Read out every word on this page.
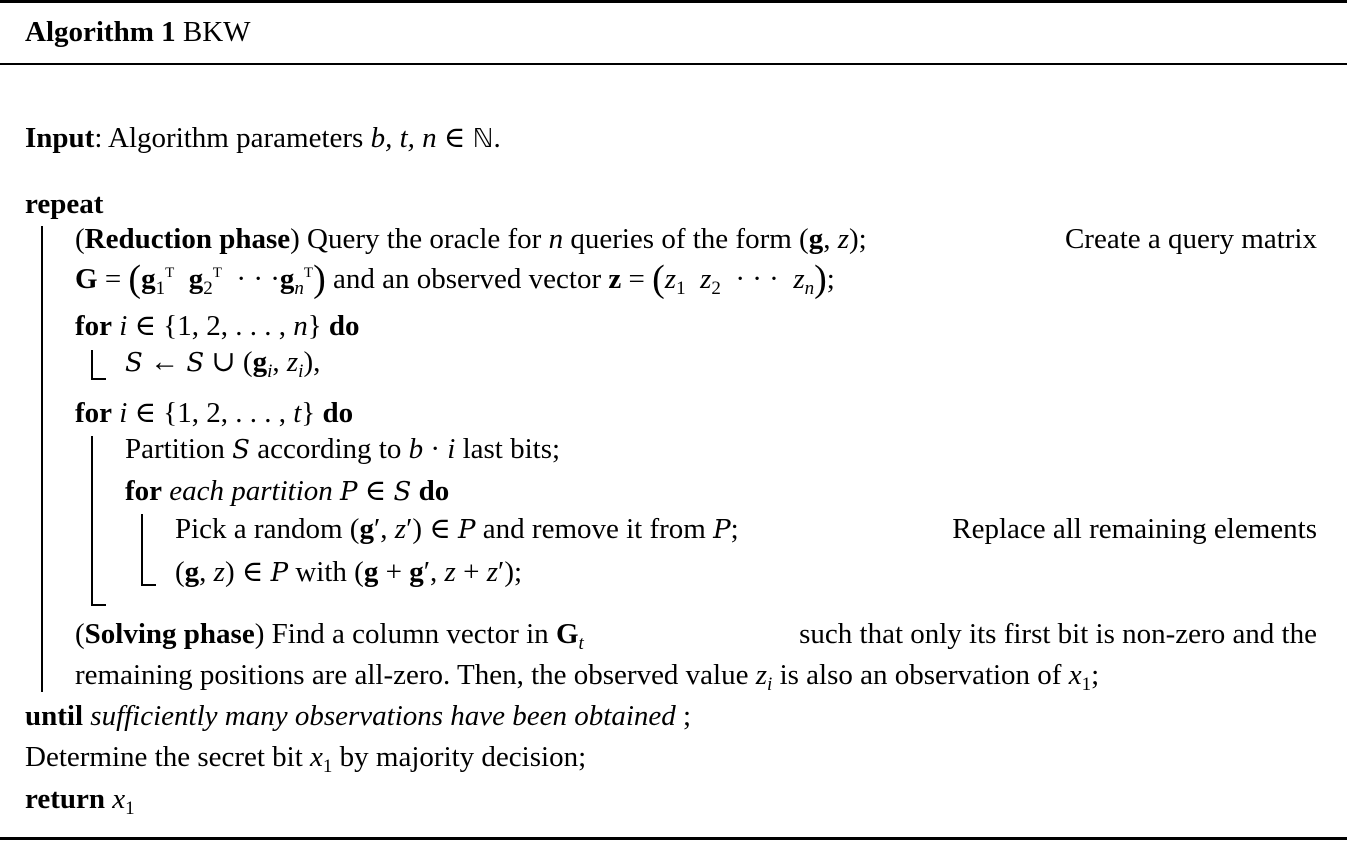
Algorithm 1 BKW
Input: Algorithm parameters b, t, n ∈ ℕ.
repeat
(Reduction phase) Query the oracle for n queries of the form (g, z);	Create a query matrix
$G = (g_1^T$ $g_2^T$  · · $\cdot g_n^T$) and an observed vector $z = (z_1$ $z_2$  · · ·  $z_n$);
for i ∈ {1, 2, . . . , n} do
S ← S ∪ ($g_i$, $z_i$),
for i ∈ {1, 2, . . . , t} do
Partition S according to b · i last bits;
for each partition P ∈ S do
Pick a random (g′, z′) ∈ P and remove it from P;	Replace all remaining elements
(g, z) ∈ P with (g + g′, z + z′);
(Solving phase) Find a column vector in $G_t$	such that only its first bit is non-zero and the
remaining positions are all-zero. Then, the observed value $z_i$ is also an observation of $x_1$;
until sufficiently many observations have been obtained ;
Determine the secret bit $x_1$ by majority decision;
return $x_1$
